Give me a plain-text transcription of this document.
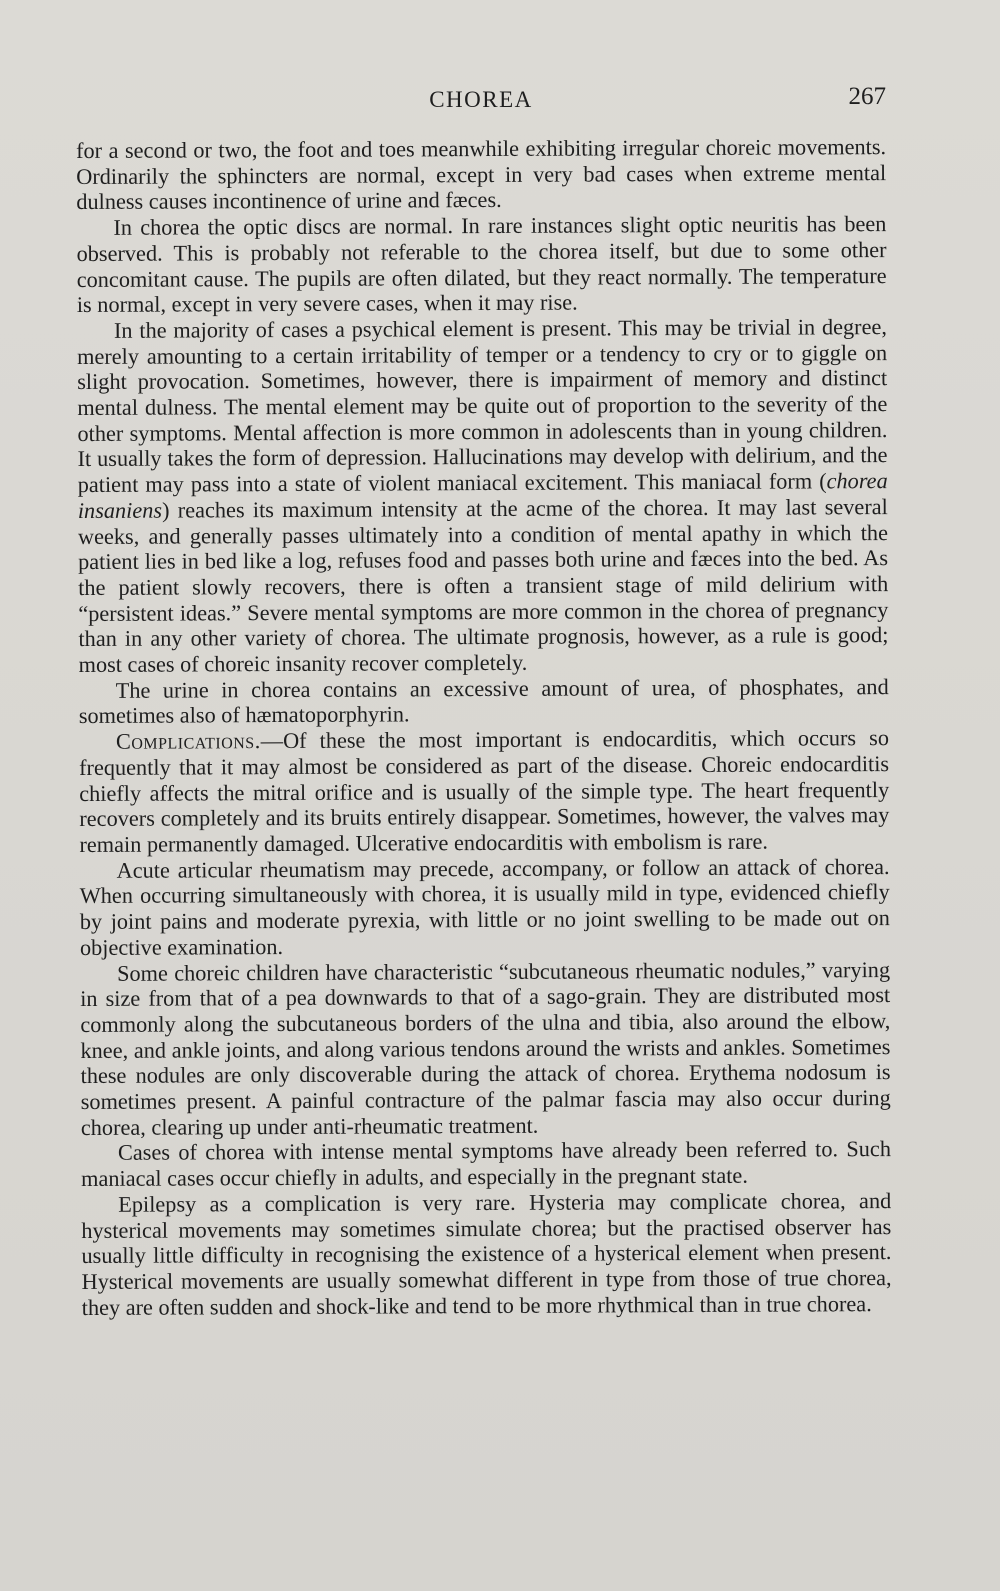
CHOREA	267

for a second or two, the foot and toes meanwhile exhibiting irregular choreic movements. Ordinarily the sphincters are normal, except in very bad cases when extreme mental dulness causes incontinence of urine and fæces.

In chorea the optic discs are normal. In rare instances slight optic neuritis has been observed. This is probably not referable to the chorea itself, but due to some other concomitant cause. The pupils are often dilated, but they react normally. The temperature is normal, except in very severe cases, when it may rise.

In the majority of cases a psychical element is present. This may be trivial in degree, merely amounting to a certain irritability of temper or a tendency to cry or to giggle on slight provocation. Sometimes, however, there is impairment of memory and distinct mental dulness. The mental element may be quite out of proportion to the severity of the other symptoms. Mental affection is more common in adolescents than in young children. It usually takes the form of depression. Hallucinations may develop with delirium, and the patient may pass into a state of violent maniacal excitement. This maniacal form (chorea insaniens) reaches its maximum intensity at the acme of the chorea. It may last several weeks, and generally passes ultimately into a condition of mental apathy in which the patient lies in bed like a log, refuses food and passes both urine and fæces into the bed. As the patient slowly recovers, there is often a transient stage of mild delirium with “persistent ideas.” Severe mental symptoms are more common in the chorea of pregnancy than in any other variety of chorea. The ultimate prognosis, however, as a rule is good; most cases of choreic insanity recover completely.

The urine in chorea contains an excessive amount of urea, of phosphates, and sometimes also of hæmatoporphyrin.

Complications.—Of these the most important is endocarditis, which occurs so frequently that it may almost be considered as part of the disease. Choreic endocarditis chiefly affects the mitral orifice and is usually of the simple type. The heart frequently recovers completely and its bruits entirely disappear. Sometimes, however, the valves may remain permanently damaged. Ulcerative endocarditis with embolism is rare.

Acute articular rheumatism may precede, accompany, or follow an attack of chorea. When occurring simultaneously with chorea, it is usually mild in type, evidenced chiefly by joint pains and moderate pyrexia, with little or no joint swelling to be made out on objective examination.

Some choreic children have characteristic “subcutaneous rheumatic nodules,” varying in size from that of a pea downwards to that of a sago-grain. They are distributed most commonly along the subcutaneous borders of the ulna and tibia, also around the elbow, knee, and ankle joints, and along various tendons around the wrists and ankles. Sometimes these nodules are only discoverable during the attack of chorea. Erythema nodosum is sometimes present. A painful contracture of the palmar fascia may also occur during chorea, clearing up under anti-rheumatic treatment.

Cases of chorea with intense mental symptoms have already been referred to. Such maniacal cases occur chiefly in adults, and especially in the pregnant state.

Epilepsy as a complication is very rare. Hysteria may complicate chorea, and hysterical movements may sometimes simulate chorea; but the practised observer has usually little difficulty in recognising the existence of a hysterical element when present. Hysterical movements are usually somewhat different in type from those of true chorea, they are often sudden and shock-like and tend to be more rhythmical than in true chorea.
